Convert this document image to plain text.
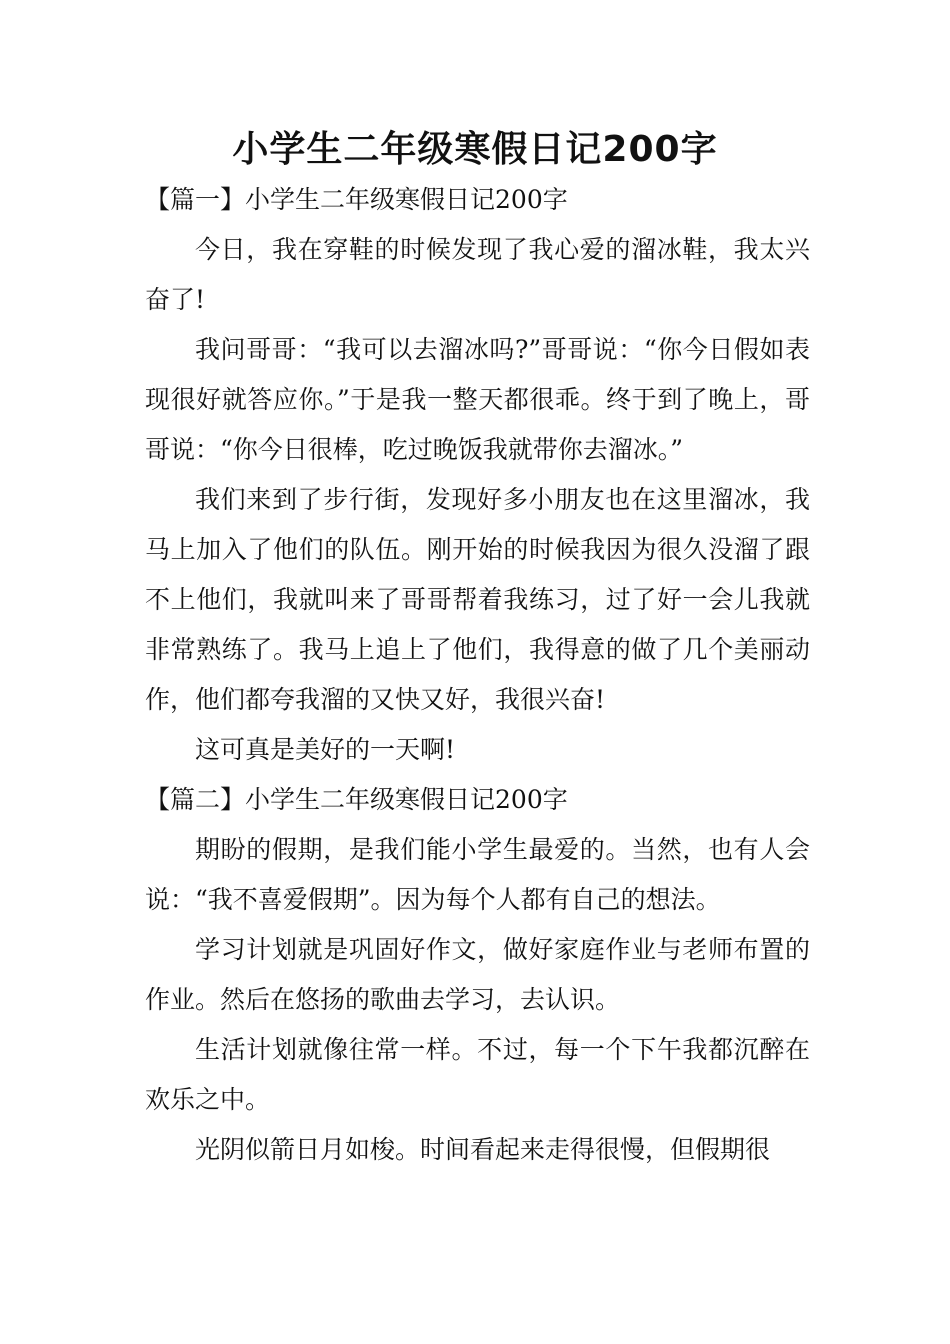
小学生二年级寒假日记200字
【篇一】小学生二年级寒假日记200字

今日，我在穿鞋的时候发现了我心爱的溜冰鞋，我太兴奋了!

我问哥哥：“我可以去溜冰吗?”哥哥说：“你今日假如表现很好就答应你。”于是我一整天都很乖。终于到了晚上，哥哥说：“你今日很棒，吃过晚饭我就带你去溜冰。”

我们来到了步行街，发现好多小朋友也在这里溜冰，我马上加入了他们的队伍。刚开始的时候我因为很久没溜了跟不上他们，我就叫来了哥哥帮着我练习，过了好一会儿我就非常熟练了。我马上追上了他们，我得意的做了几个美丽动作，他们都夸我溜的又快又好，我很兴奋!

这可真是美好的一天啊!

【篇二】小学生二年级寒假日记200字

期盼的假期，是我们能小学生最爱的。当然，也有人会说：“我不喜爱假期”。因为每个人都有自己的想法。

学习计划就是巩固好作文，做好家庭作业与老师布置的作业。然后在悠扬的歌曲去学习，去认识。

生活计划就像往常一样。不过，每一个下午我都沉醉在欢乐之中。

光阴似箭日月如梭。时间看起来走得很慢，但假期很
